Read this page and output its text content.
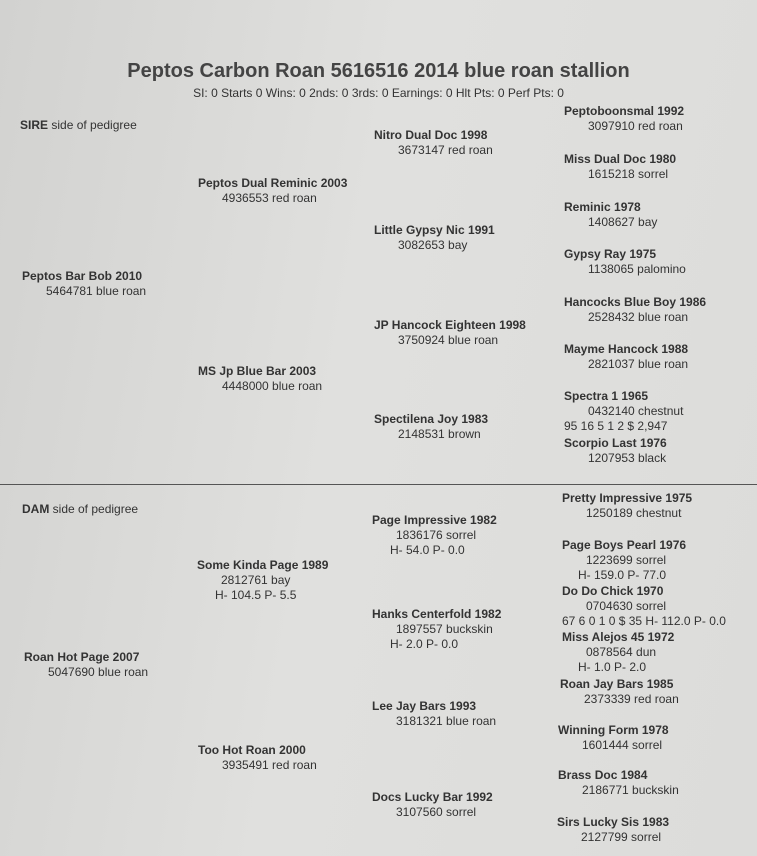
Peptos Carbon Roan 5616516 2014 blue roan stallion
SI: 0 Starts 0 Wins: 0 2nds: 0 3rds: 0 Earnings: 0 Hlt Pts: 0 Perf Pts: 0
SIRE side of pedigree
Peptos Bar Bob 2010
5464781 blue roan
Peptos Dual Reminic 2003
4936553 red roan
MS Jp Blue Bar 2003
4448000 blue roan
Nitro Dual Doc 1998
3673147 red roan
Little Gypsy Nic 1991
3082653 bay
JP Hancock Eighteen 1998
3750924 blue roan
Spectilena Joy 1983
2148531 brown
Peptoboonsmal 1992
3097910 red roan
Miss Dual Doc 1980
1615218 sorrel
Reminic 1978
1408627 bay
Gypsy Ray 1975
1138065 palomino
Hancocks Blue Boy 1986
2528432 blue roan
Mayme Hancock 1988
2821037 blue roan
Spectra 1 1965
0432140 chestnut
95 16 5 1 2 $ 2,947
Scorpio Last 1976
1207953 black
DAM side of pedigree
Roan Hot Page 2007
5047690 blue roan
Some Kinda Page 1989
2812761 bay
H- 104.5 P- 5.5
Too Hot Roan 2000
3935491 red roan
Page Impressive 1982
1836176 sorrel
H- 54.0 P- 0.0
Hanks Centerfold 1982
1897557 buckskin
H- 2.0 P- 0.0
Lee Jay Bars 1993
3181321 blue roan
Docs Lucky Bar 1992
3107560 sorrel
Pretty Impressive 1975
1250189 chestnut
Page Boys Pearl 1976
1223699 sorrel
H- 159.0 P- 77.0
Do Do Chick 1970
0704630 sorrel
67 6 0 1 0 $ 35 H- 112.0 P- 0.0
Miss Alejos 45 1972
0878564 dun
H- 1.0 P- 2.0
Roan Jay Bars 1985
2373339 red roan
Winning Form 1978
1601444 sorrel
Brass Doc 1984
2186771 buckskin
Sirs Lucky Sis 1983
2127799 sorrel
